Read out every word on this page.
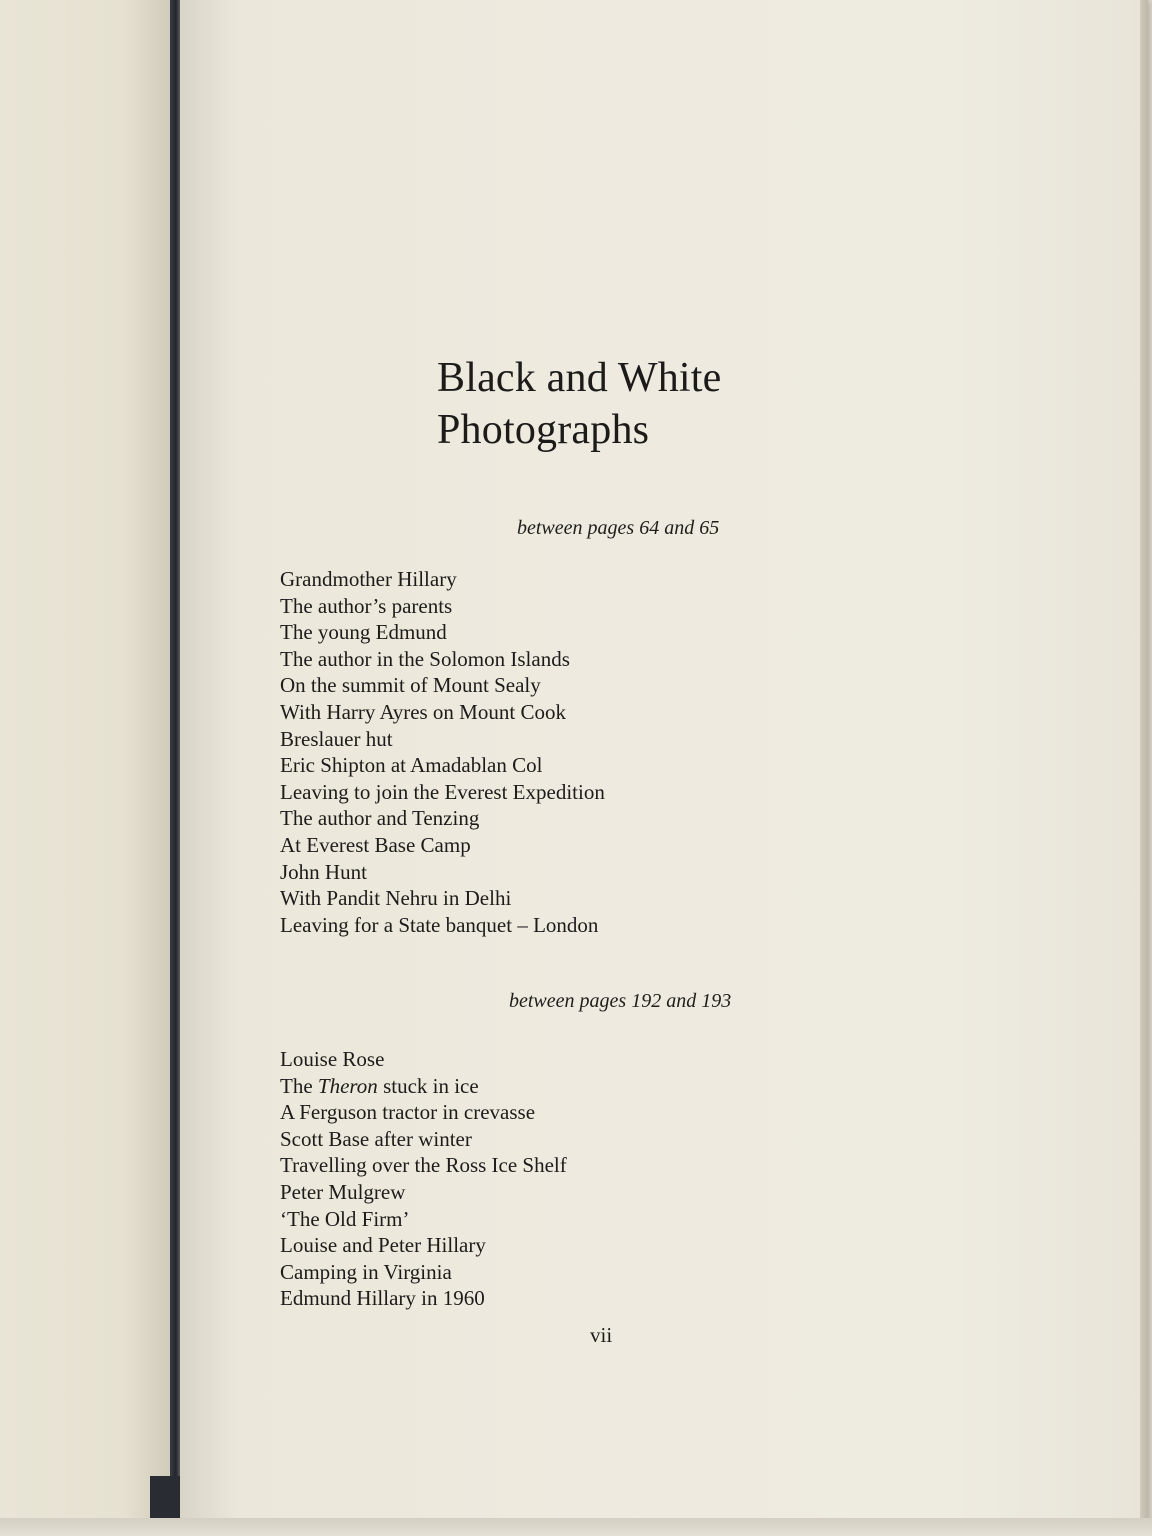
Black and White
Photographs
between pages 64 and 65
Grandmother Hillary
The author’s parents
The young Edmund
The author in the Solomon Islands
On the summit of Mount Sealy
With Harry Ayres on Mount Cook
Breslauer hut
Eric Shipton at Amadablan Col
Leaving to join the Everest Expedition
The author and Tenzing
At Everest Base Camp
John Hunt
With Pandit Nehru in Delhi
Leaving for a State banquet – London
between pages 192 and 193
Louise Rose
The Theron stuck in ice
A Ferguson tractor in crevasse
Scott Base after winter
Travelling over the Ross Ice Shelf
Peter Mulgrew
‘The Old Firm’
Louise and Peter Hillary
Camping in Virginia
Edmund Hillary in 1960
vii
